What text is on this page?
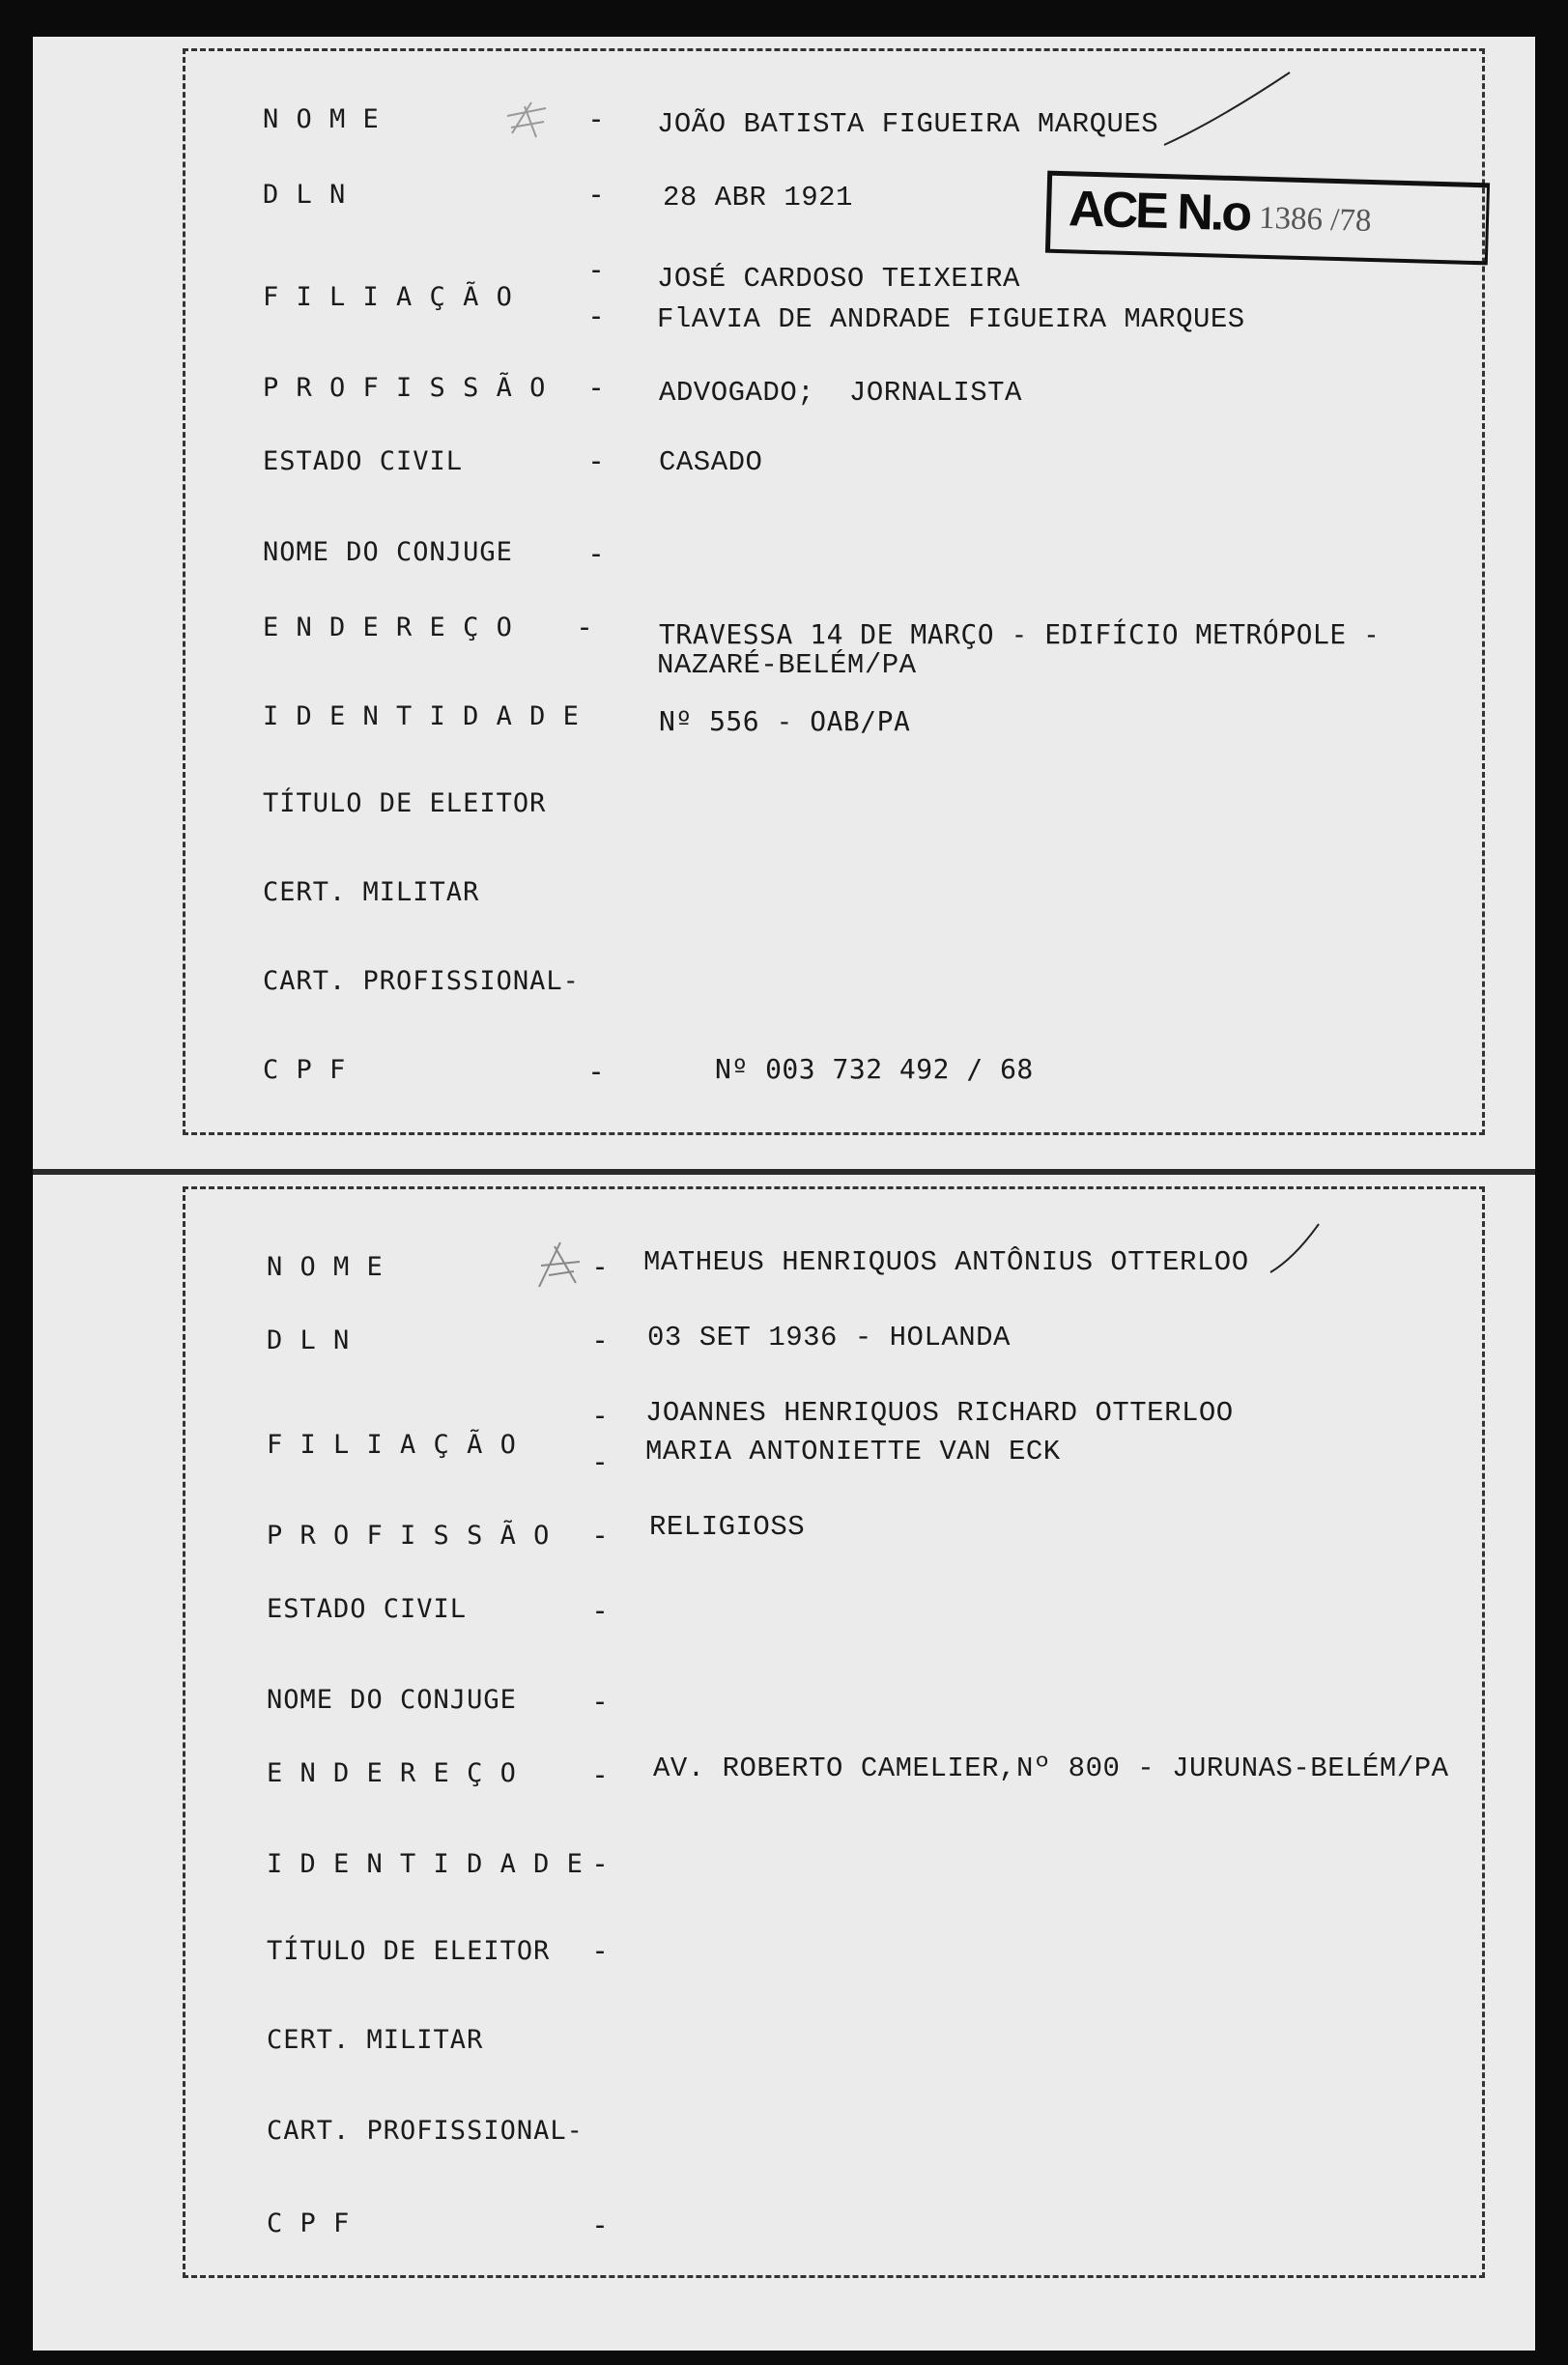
ACE N.o 1386 /78
N O M E
D L N
F I L I A Ç Ã O
P R O F I S S Ã O
ESTADO CIVIL
NOME DO CONJUGE
E N D E R E Ç O
I D E N T I D A D E
TÍTULO DE ELEITOR
CERT. MILITAR
CART. PROFISSIONAL-
C P F
-
-
-
-
-
-
-
-
-
JOÃO BATISTA FIGUEIRA MARQUES
28 ABR 1921
JOSÉ CARDOSO TEIXEIRA
FlAVIA DE ANDRADE FIGUEIRA MARQUES
ADVOGADO;  JORNALISTA
CASADO
TRAVESSA 14 DE MARÇO - EDIFÍCIO METRÓPOLE -
NAZARÉ-BELÉM/PA
Nº 556 - OAB/PA
Nº 003 732 492 / 68
N O M E
D L N
F I L I A Ç Ã O
P R O F I S S Ã O
ESTADO CIVIL
NOME DO CONJUGE
E N D E R E Ç O
I D E N T I D A D E
TÍTULO DE ELEITOR
CERT. MILITAR
CART. PROFISSIONAL-
C P F
-
-
-
-
-
-
-
-
-
-
-
MATHEUS HENRIQUOS ANTÔNIUS OTTERLOO
03 SET 1936 - HOLANDA
JOANNES HENRIQUOS RICHARD OTTERLOO
MARIA ANTONIETTE VAN ECK
RELIGIOSS
AV. ROBERTO CAMELIER,Nº 800 - JURUNAS-BELÉM/PA
